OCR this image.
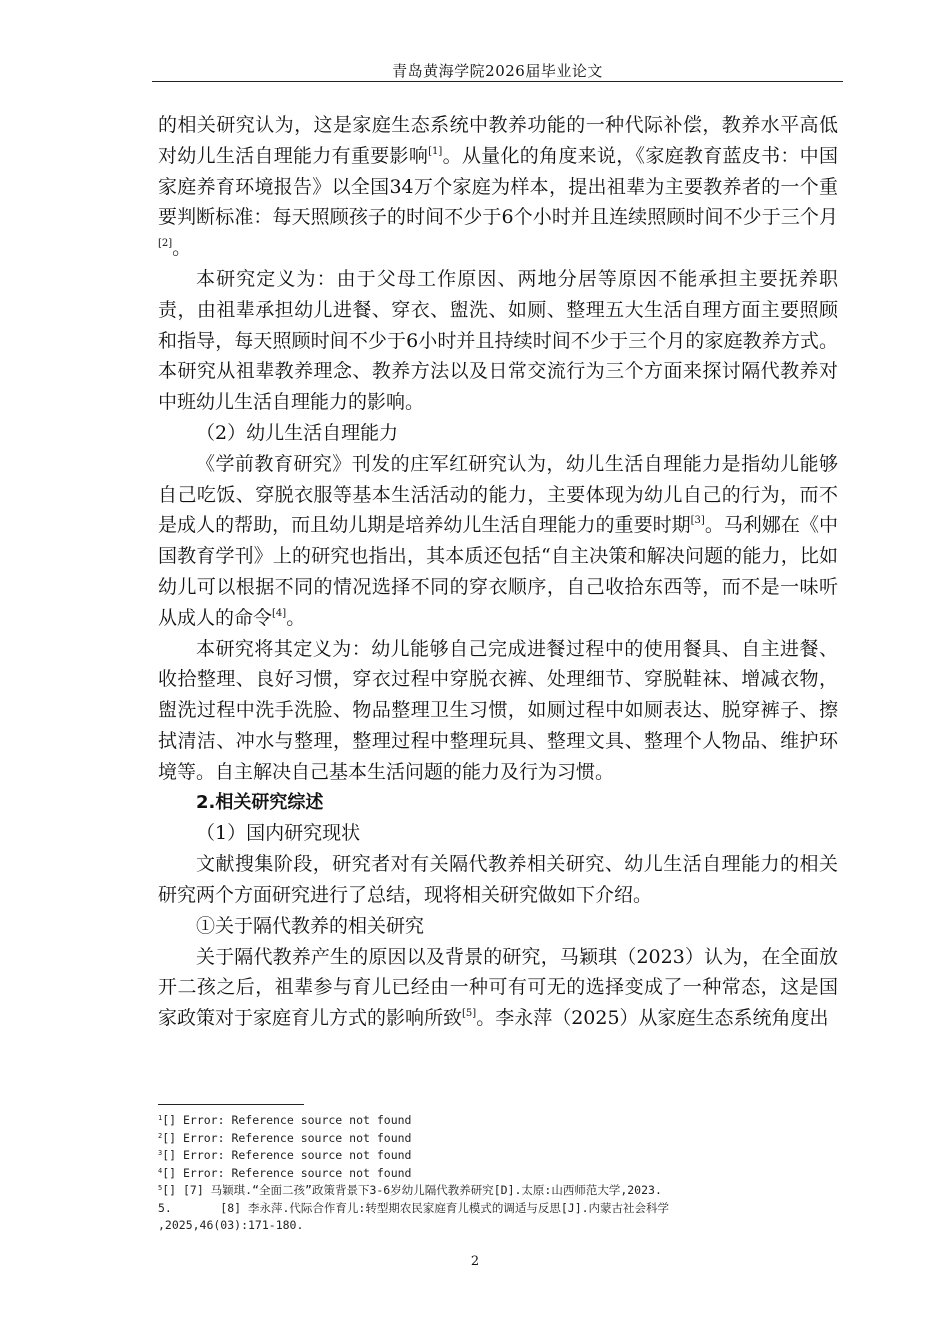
青岛黄海学院2026届毕业论文

的相关研究认为，这是家庭生态系统中教养功能的一种代际补偿，教养水平高低对幼儿生活自理能力有重要影响[1]。从量化的角度来说，《家庭教育蓝皮书：中国家庭养育环境报告》以全国34万个家庭为样本，提出祖辈为主要教养者的一个重要判断标准：每天照顾孩子的时间不少于6个小时并且连续照顾时间不少于三个月[2]。

本研究定义为：由于父母工作原因、两地分居等原因不能承担主要抚养职责，由祖辈承担幼儿进餐、穿衣、盥洗、如厕、整理五大生活自理方面主要照顾和指导，每天照顾时间不少于6小时并且持续时间不少于三个月的家庭教养方式。本研究从祖辈教养理念、教养方法以及日常交流行为三个方面来探讨隔代教养对中班幼儿生活自理能力的影响。

（2）幼儿生活自理能力

《学前教育研究》刊发的庄军红研究认为，幼儿生活自理能力是指幼儿能够自己吃饭、穿脱衣服等基本生活活动的能力，主要体现为幼儿自己的行为，而不是成人的帮助，而且幼儿期是培养幼儿生活自理能力的重要时期[3]。马利娜在《中国教育学刊》上的研究也指出，其本质还包括“自主决策和解决问题的能力，比如幼儿可以根据不同的情况选择不同的穿衣顺序，自己收拾东西等，而不是一味听从成人的命令[4]。

本研究将其定义为：幼儿能够自己完成进餐过程中的使用餐具、自主进餐、收拾整理、良好习惯，穿衣过程中穿脱衣裤、处理细节、穿脱鞋袜、增减衣物，盥洗过程中洗手洗脸、物品整理卫生习惯，如厕过程中如厕表达、脱穿裤子、擦拭清洁、冲水与整理，整理过程中整理玩具、整理文具、整理个人物品、维护环境等。自主解决自己基本生活问题的能力及行为习惯。

2.相关研究综述

（1）国内研究现状

文献搜集阶段，研究者对有关隔代教养相关研究、幼儿生活自理能力的相关研究两个方面研究进行了总结，现将相关研究做如下介绍。

①关于隔代教养的相关研究

关于隔代教养产生的原因以及背景的研究，马颖琪（2023）认为，在全面放开二孩之后，祖辈参与育儿已经由一种可有可无的选择变成了一种常态，这是国家政策对于家庭育儿方式的影响所致[5]。李永萍（2025）从家庭生态系统角度出

$^1$[] Error: Reference source not found

$^2$[] Error: Reference source not found

$^3$[] Error: Reference source not found

$^4$[] Error: Reference source not found

$^5$[] [7] 马颖琪.“全面二孩”政策背景下3-6岁幼儿隔代教养研究[D].太原:山西师范大学,2023.

5.       [8] 李永萍.代际合作育儿:转型期农民家庭育儿模式的调适与反思[J].内蒙古社会科学

,2025,46(03):171-180.

2
